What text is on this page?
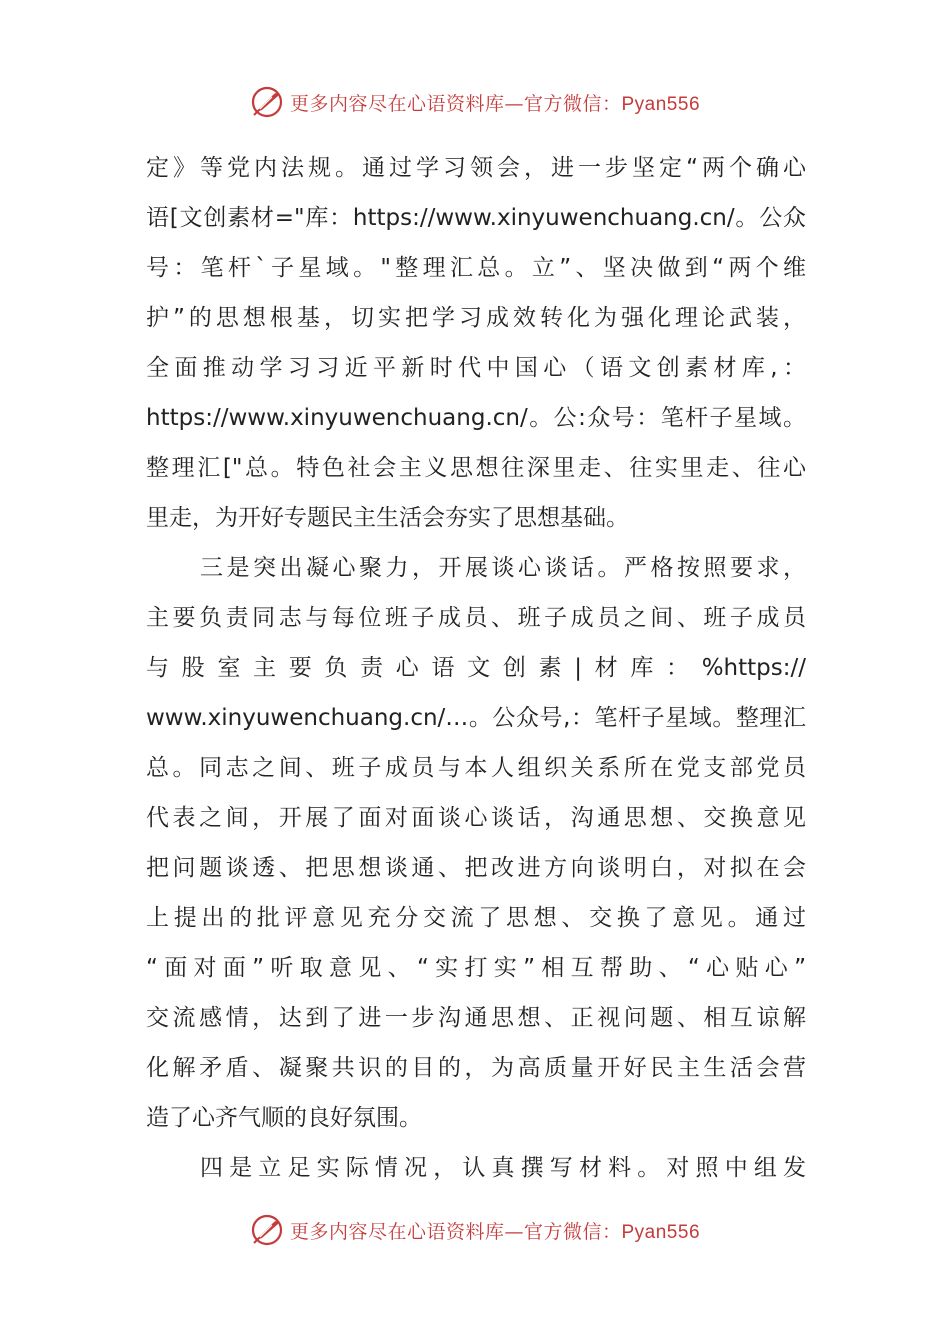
更多内容尽在心语资料库—官方微信：Pyan556
定》等党内法规。通过学习领会，进一步坚定“两个确心
语[文创素材="库：https://www.xinyuwenchuang.cn/。公众
号：笔杆`子星域。"整理汇总。立”、坚决做到“两个维
护”的思想根基，切实把学习成效转化为强化理论武装，
全面推动学习习近平新时代中国心（语文创素材库,：
https://www.xinyuwenchuang.cn/。公:众号：笔杆子星域。
整理汇["总。特色社会主义思想往深里走、往实里走、往心
里走，为开好专题民主生活会夯实了思想基础。
三是突出凝心聚力，开展谈心谈话。严格按照要求，
主要负责同志与每位班子成员、班子成员之间、班子成员
与股室主要负责心语文创素|材库：%https://
www.xinyuwenchuang.cn/…。公众号,：笔杆子星域。整理汇
总。同志之间、班子成员与本人组织关系所在党支部党员
代表之间，开展了面对面谈心谈话，沟通思想、交换意见
把问题谈透、把思想谈通、把改进方向谈明白，对拟在会
上提出的批评意见充分交流了思想、交换了意见。通过
“面对面”听取意见、“实打实”相互帮助、“心贴心”
交流感情，达到了进一步沟通思想、正视问题、相互谅解
化解矛盾、凝聚共识的目的，为高质量开好民主生活会营
造了心齐气顺的良好氛围。
四是立足实际情况，认真撰写材料。对照中组发
更多内容尽在心语资料库—官方微信：Pyan556
